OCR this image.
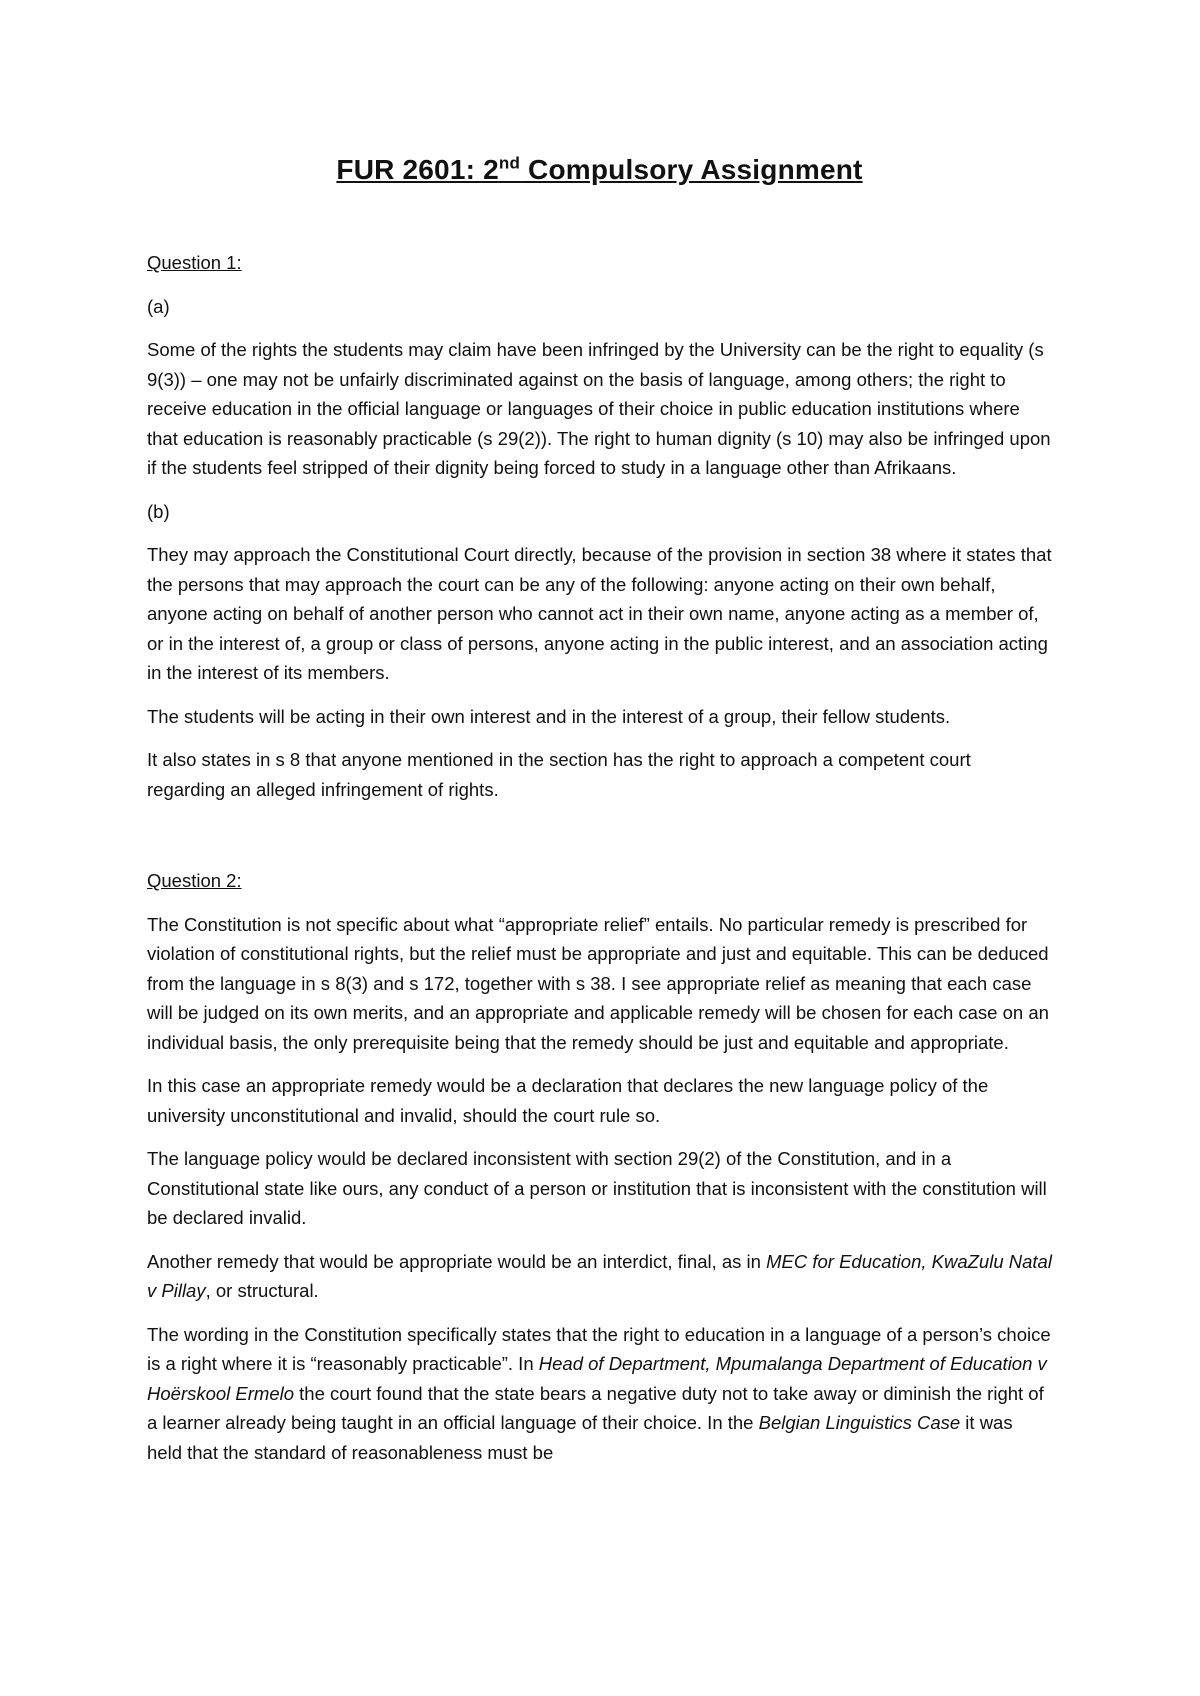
FUR 2601: 2nd Compulsory Assignment

Question 1:

(a)

Some of the rights the students may claim have been infringed by the University can be the right to equality (s 9(3)) – one may not be unfairly discriminated against on the basis of language, among others; the right to receive education in the official language or languages of their choice in public education institutions where that education is reasonably practicable (s 29(2)). The right to human dignity (s 10) may also be infringed upon if the students feel stripped of their dignity being forced to study in a language other than Afrikaans.

(b)

They may approach the Constitutional Court directly, because of the provision in section 38 where it states that the persons that may approach the court can be any of the following: anyone acting on their own behalf, anyone acting on behalf of another person who cannot act in their own name, anyone acting as a member of, or in the interest of, a group or class of persons, anyone acting in the public interest, and an association acting in the interest of its members.

The students will be acting in their own interest and in the interest of a group, their fellow students.

It also states in s 8 that anyone mentioned in the section has the right to approach a competent court regarding an alleged infringement of rights.

Question 2:

The Constitution is not specific about what “appropriate relief” entails. No particular remedy is prescribed for violation of constitutional rights, but the relief must be appropriate and just and equitable. This can be deduced from the language in s 8(3) and s 172, together with s 38. I see appropriate relief as meaning that each case will be judged on its own merits, and an appropriate and applicable remedy will be chosen for each case on an individual basis, the only prerequisite being that the remedy should be just and equitable and appropriate.

In this case an appropriate remedy would be a declaration that declares the new language policy of the university unconstitutional and invalid, should the court rule so.

The language policy would be declared inconsistent with section 29(2) of the Constitution, and in a Constitutional state like ours, any conduct of a person or institution that is inconsistent with the constitution will be declared invalid.

Another remedy that would be appropriate would be an interdict, final, as in MEC for Education, KwaZulu Natal v Pillay, or structural.

The wording in the Constitution specifically states that the right to education in a language of a person’s choice is a right where it is “reasonably practicable”. In Head of Department, Mpumalanga Department of Education v Hoërskool Ermelo the court found that the state bears a negative duty not to take away or diminish the right of a learner already being taught in an official language of their choice. In the Belgian Linguistics Case it was held that the standard of reasonableness must be
